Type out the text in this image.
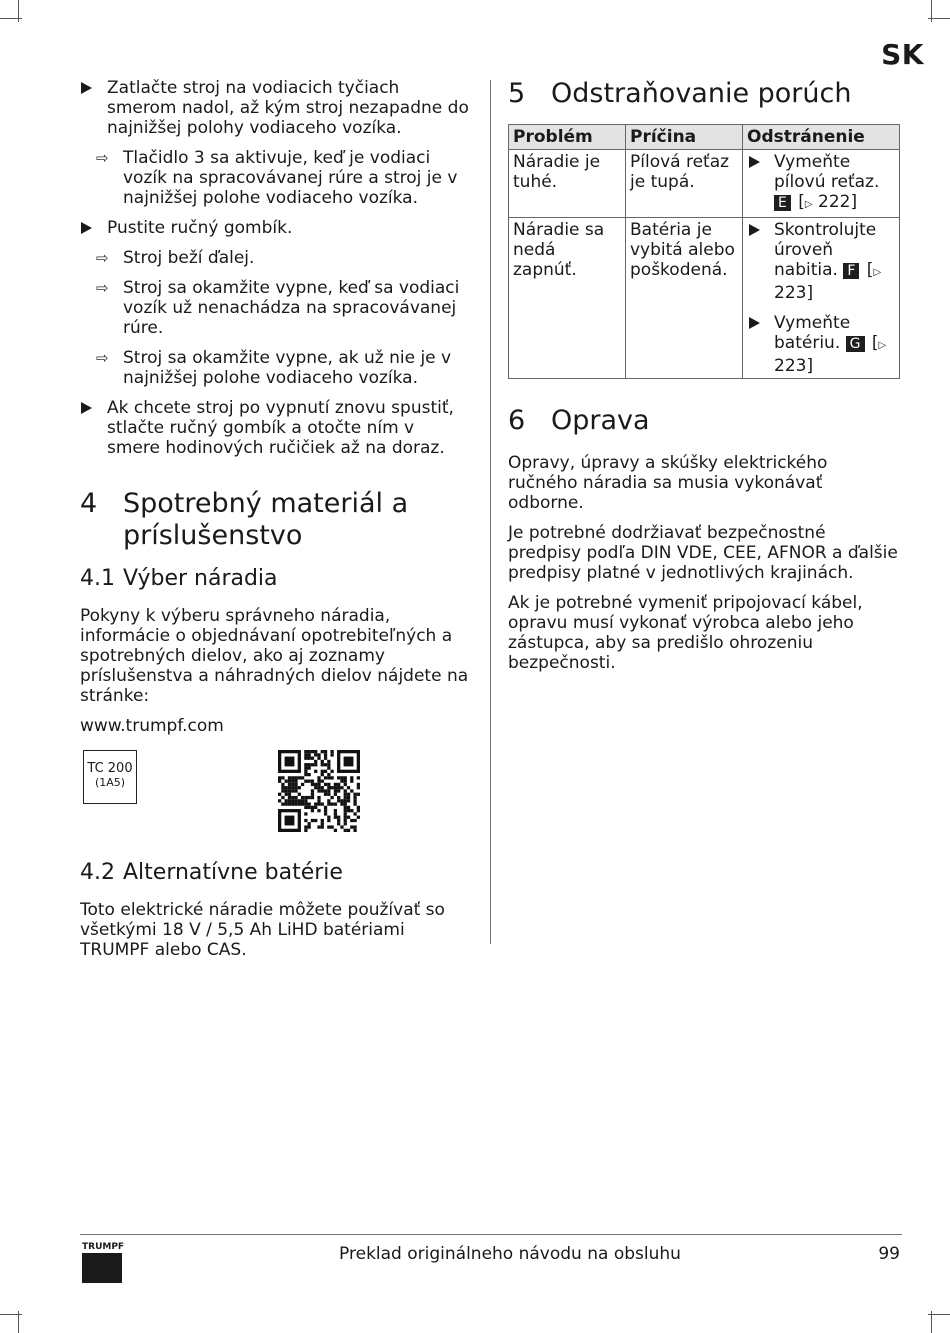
SK
Zatlačte stroj na vodiacich tyčiach smerom nadol, až kým stroj nezapadne do najnižšej polohy vodiaceho vozíka.
⇨ Tlačidlo 3 sa aktivuje, keď je vodiaci vozík na spracovávanej rúre a stroj je v najnižšej polohe vodiaceho vozíka.
Pustite ručný gombík.
⇨ Stroj beží ďalej.
⇨ Stroj sa okamžite vypne, keď sa vodiaci vozík už nenachádza na spracovávanej rúre.
⇨ Stroj sa okamžite vypne, ak už nie je v najnižšej polohe vodiaceho vozíka.
Ak chcete stroj po vypnutí znovu spustiť, stlačte ručný gombík a otočte ním v smere hodinových ručičiek až na doraz.
4 Spotrebný materiál a príslušenstvo
4.1 Výber náradia

Pokyny k výberu správneho náradia, informácie o objednávaní opotrebiteľných a spotrebných dielov, ako aj zoznamy príslušenstva a náhradných dielov nájdete na stránke:

www.trumpf.com

TC 200
(1A5)
4.2 Alternatívne batérie

Toto elektrické náradie môžete používať so všetkými 18 V / 5,5 Ah LiHD batériami TRUMPF alebo CAS.

5 Odstraňovanie porúch
Problém	Príčina	Odstránenie
Náradie je tuhé.	Pílová reťaz je tupá.	Vymeňte pílovú reťaz. E [▷ 222]

Náradie sa nedá zapnúť.	Batéria je vybitá alebo poškodená.	Skontrolujte úroveň nabitia. F [▷ 223]
Vymeňte batériu. G [▷ 223]
6 Oprava

Opravy, úpravy a skúšky elektrického ručného náradia sa musia vykonávať odborne.

Je potrebné dodržiavať bezpečnostné predpisy podľa DIN VDE, CEE, AFNOR a ďalšie predpisy platné v jednotlivých krajinách.

Ak je potrebné vymeniť pripojovací kábel, opravu musí vykonať výrobca alebo jeho zástupca, aby sa predišlo ohrozeniu bezpečnosti.

TRUMPF	Preklad originálneho návodu na obsluhu	99
